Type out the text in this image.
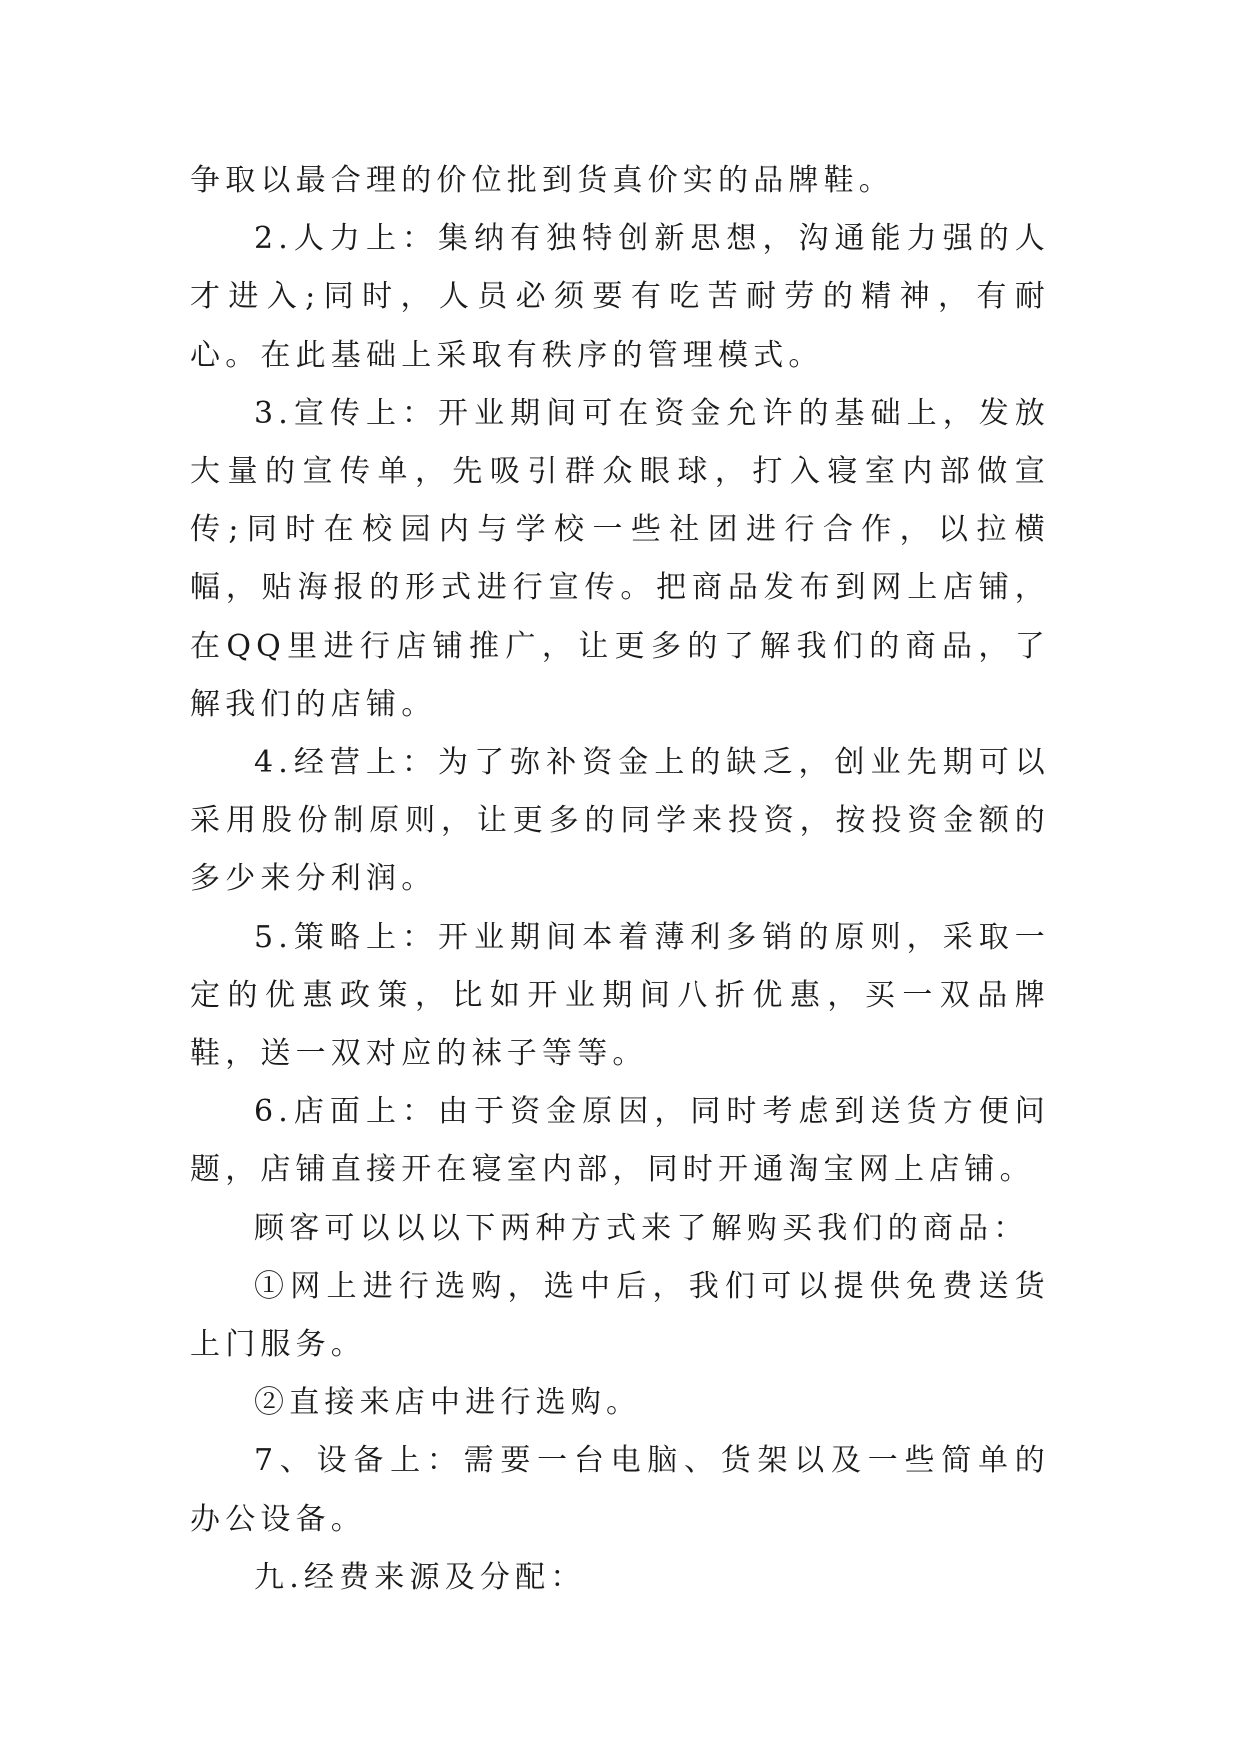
争取以最合理的价位批到货真价实的品牌鞋。

2.人力上：集纳有独特创新思想，沟通能力强的人才进入;同时，人员必须要有吃苦耐劳的精神，有耐心。在此基础上采取有秩序的管理模式。

3.宣传上：开业期间可在资金允许的基础上，发放大量的宣传单，先吸引群众眼球，打入寝室内部做宣传;同时在校园内与学校一些社团进行合作，以拉横幅，贴海报的形式进行宣传。把商品发布到网上店铺，在QQ里进行店铺推广，让更多的了解我们的商品，了解我们的店铺。

4.经营上：为了弥补资金上的缺乏，创业先期可以采用股份制原则，让更多的同学来投资，按投资金额的多少来分利润。

5.策略上：开业期间本着薄利多销的原则，采取一定的优惠政策，比如开业期间八折优惠，买一双品牌鞋，送一双对应的袜子等等。

6.店面上：由于资金原因，同时考虑到送货方便问题，店铺直接开在寝室内部，同时开通淘宝网上店铺。

顾客可以以以下两种方式来了解购买我们的商品：

①网上进行选购，选中后，我们可以提供免费送货上门服务。

②直接来店中进行选购。

7、设备上：需要一台电脑、货架以及一些简单的办公设备。

九.经费来源及分配：
